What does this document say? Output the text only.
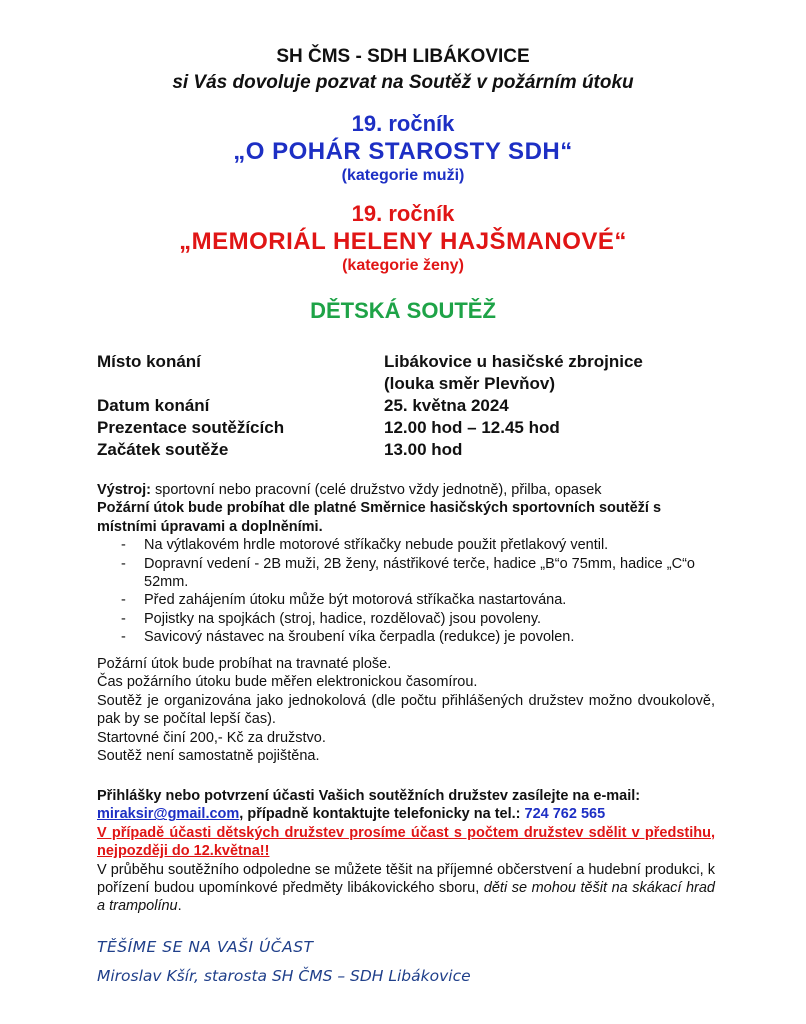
SH ČMS - SDH LIBÁKOVICE
si Vás dovoluje pozvat na Soutěž v požárním útoku
19. ročník
„O POHÁR STAROSTY SDH“
(kategorie muži)
19. ročník
„MEMORIÁL HELENY HAJŠMANOVÉ“
(kategorie ženy)
DĚTSKÁ SOUTĚŽ
Místo konání	Libákovice u hasičské zbrojnice
(louka směr Plevňov)
Datum konání	25. května 2024
Prezentace soutěžících	12.00 hod – 12.45 hod
Začátek soutěže	13.00 hod
Výstroj: sportovní nebo pracovní (celé družstvo vždy jednotně), přilba, opasek
Požární útok bude probíhat dle platné Směrnice hasičských sportovních soutěží s místními úpravami a doplněními.
- Na výtlakovém hrdle motorové stříkačky nebude použit přetlakový ventil.
- Dopravní vedení - 2B muži, 2B ženy, nástřikové terče, hadice „B“o 75mm, hadice „C“o 52mm.
- Před zahájením útoku může být motorová stříkačka nastartována.
- Pojistky na spojkách (stroj, hadice, rozdělovač) jsou povoleny.
- Savicový nástavec na šroubení víka čerpadla (redukce) je povolen.
Požární útok bude probíhat na travnaté ploše.
Čas požárního útoku bude měřen elektronickou časomírou.
Soutěž je organizována jako jednokolová (dle počtu přihlášených družstev možno dvoukolově, pak by se počítal lepší čas).
Startovné činí 200,- Kč za družstvo.
Soutěž není samostatně pojištěna.
Přihlášky nebo potvrzení účasti Vašich soutěžních družstev zasílejte na e-mail:
miraksir@gmail.com, případně kontaktujte telefonicky na tel.: 724 762 565
V případě účasti dětských družstev prosíme účast s počtem družstev sdělit v předstihu, nejpozději do 12.května!!
V průběhu soutěžního odpoledne se můžete těšit na příjemné občerstvení a hudební produkci, k pořízení budou upomínkové předměty libákovického sboru, děti se mohou těšit na skákací hrad a trampolínu.
TĚŠÍME SE NA VAŠI ÚČAST
Miroslav Kšír, starosta SH ČMS – SDH Libákovice
